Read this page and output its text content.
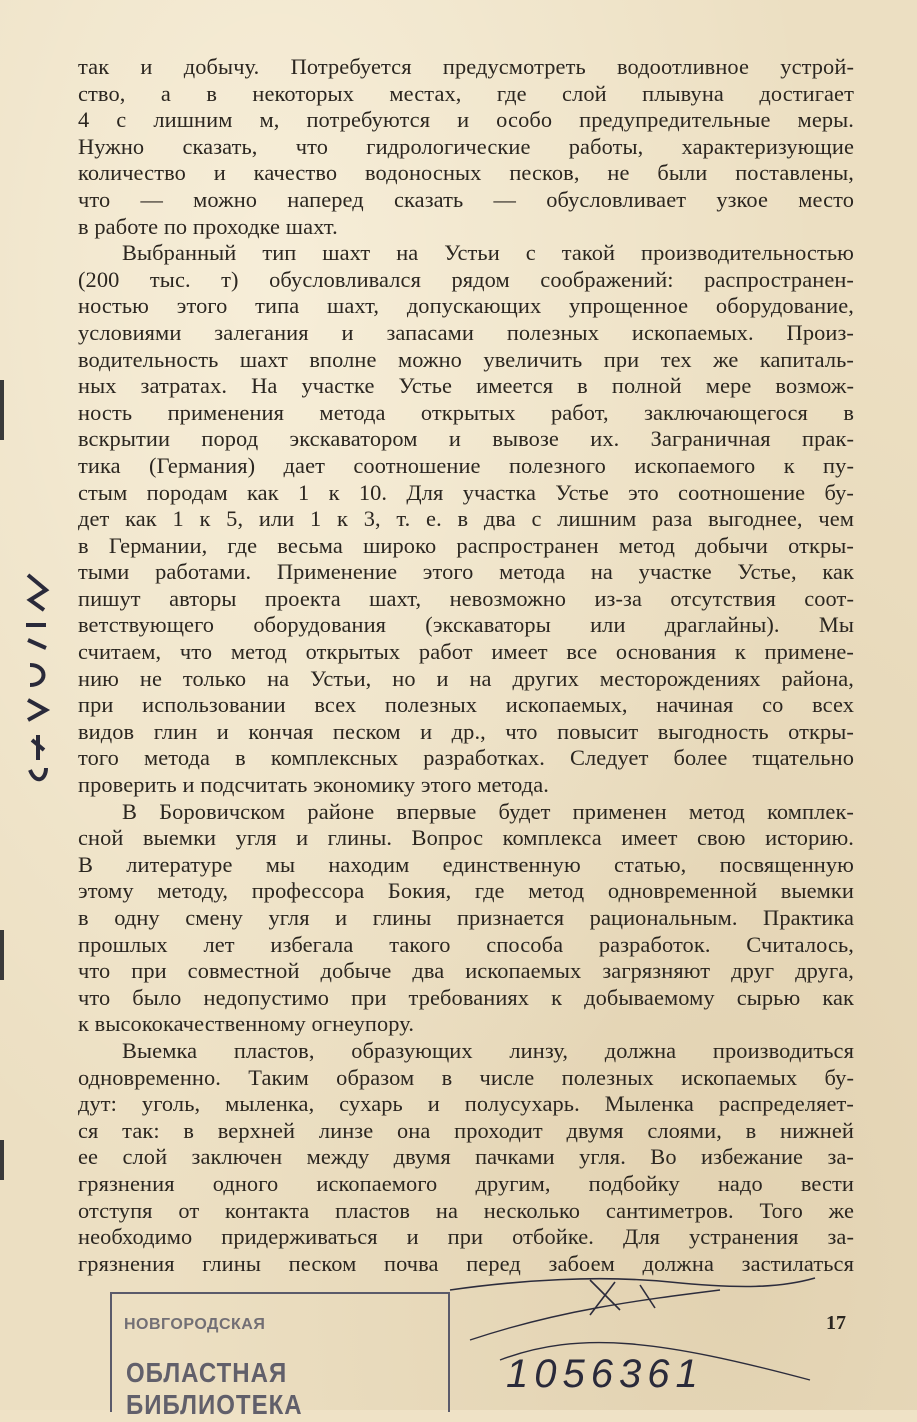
так и добычу. Потребуется предусмотреть водоотливное устрой-
ство, а в некоторых местах, где слой плывуна достигает
4 с лишним м, потребуются и особо предупредительные меры.
Нужно сказать, что гидрологические работы, характеризующие
количество и качество водоносных песков, не были поставлены,
что — можно наперед сказать — обусловливает узкое место
в работе по проходке шахт.
Выбранный тип шахт на Устьи с такой производительностью
(200 тыс. т) обусловливался рядом соображений: распространен-
ностью этого типа шахт, допускающих упрощенное оборудование,
условиями залегания и запасами полезных ископаемых. Произ-
водительность шахт вполне можно увеличить при тех же капиталь-
ных затратах. На участке Устье имеется в полной мере возмож-
ность применения метода открытых работ, заключающегося в
вскрытии пород экскаватором и вывозе их. Заграничная прак-
тика (Германия) дает соотношение полезного ископаемого к пу-
стым породам как 1 к 10. Для участка Устье это соотношение бу-
дет как 1 к 5, или 1 к 3, т. е. в два с лишним раза выгоднее, чем
в Германии, где весьма широко распространен метод добычи откры-
тыми работами. Применение этого метода на участке Устье, как
пишут авторы проекта шахт, невозможно из-за отсутствия соот-
ветствующего оборудования (экскаваторы или драглайны). Мы
считаем, что метод открытых работ имеет все основания к примене-
нию не только на Устьи, но и на других месторождениях района,
при использовании всех полезных ископаемых, начиная со всех
видов глин и кончая песком и др., что повысит выгодность откры-
того метода в комплексных разработках. Следует более тщательно
проверить и подсчитать экономику этого метода.
В Боровичском районе впервые будет применен метод комплек-
сной выемки угля и глины. Вопрос комплекса имеет свою историю.
В литературе мы находим единственную статью, посвященную
этому методу, профессора Бокия, где метод одновременной выемки
в одну смену угля и глины признается рациональным. Практика
прошлых лет избегала такого способа разработок. Считалось,
что при совместной добыче два ископаемых загрязняют друг друга,
что было недопустимо при требованиях к добываемому сырью как
к высококачественному огнеупору.
Выемка пластов, образующих линзу, должна производиться
одновременно. Таким образом в числе полезных ископаемых бу-
дут: уголь, мыленка, сухарь и полусухарь. Мыленка распределяет-
ся так: в верхней линзе она проходит двумя слоями, в нижней
ее слой заключен между двумя пачками угля. Во избежание за-
грязнения одного ископаемого другим, подбойку надо вести
отступя от контакта пластов на несколько сантиметров. Того же
необходимо придерживаться и при отбойке. Для устранения за-
грязнения глины песком почва перед забоем должна застилаться
17
НОВГОРОДСКАЯ
ОБЛАСТНАЯ БИБЛИОТЕКА
1056361
